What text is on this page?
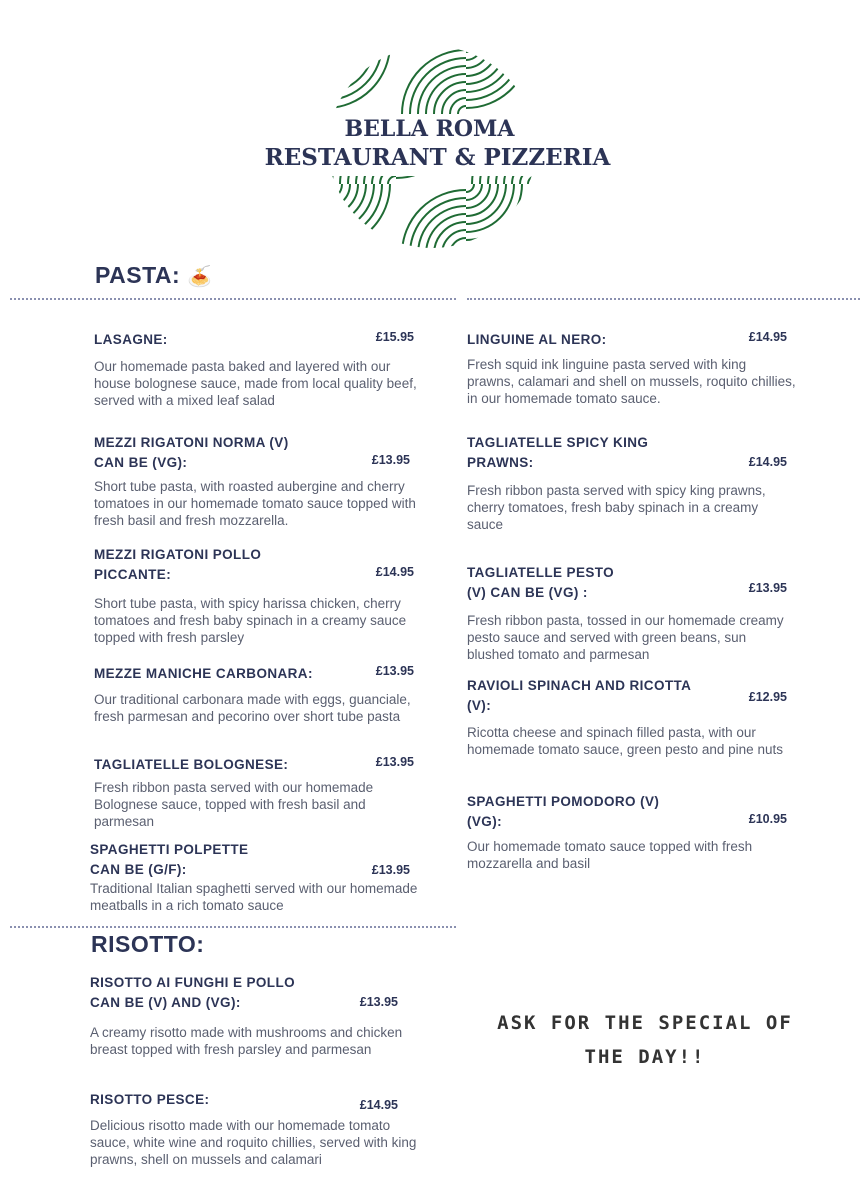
BELLA ROMA
RESTAURANT & PIZZERIA
PASTA: 🍝
LASAGNE:	£15.95
Our homemade pasta baked and layered with our house bolognese sauce, made from local quality beef, served with a mixed leaf salad
MEZZI RIGATONI NORMA (V)
CAN BE (VG):	£13.95
Short tube pasta, with roasted aubergine and cherry tomatoes in our homemade tomato sauce topped with fresh basil and fresh mozzarella.
MEZZI RIGATONI POLLO
PICCANTE:	£14.95
Short tube pasta, with spicy harissa chicken, cherry tomatoes and fresh baby spinach in a creamy sauce topped with fresh parsley
MEZZE MANICHE CARBONARA:	£13.95
Our traditional carbonara made with eggs, guanciale, fresh parmesan and pecorino over short tube pasta
TAGLIATELLE BOLOGNESE:	£13.95
Fresh ribbon pasta served with our homemade Bolognese sauce, topped with fresh basil and parmesan
SPAGHETTI POLPETTE
CAN BE (G/F):	£13.95
Traditional Italian spaghetti served with our homemade meatballs in a rich tomato sauce
LINGUINE AL NERO:	£14.95
Fresh squid ink linguine pasta served with king prawns, calamari and shell on mussels, roquito chillies, in our homemade tomato sauce.
TAGLIATELLE SPICY KING
PRAWNS:	£14.95
Fresh ribbon pasta served with spicy king prawns, cherry tomatoes, fresh baby spinach in a creamy sauce
TAGLIATELLE PESTO
(V) CAN BE (VG) :	£13.95
Fresh ribbon pasta, tossed in our homemade creamy pesto sauce and served with green beans, sun blushed tomato and parmesan
RAVIOLI SPINACH AND RICOTTA
(V):
£12.95
Ricotta cheese and spinach filled pasta, with our homemade tomato sauce, green pesto and pine nuts
SPAGHETTI POMODORO (V)
(VG):	£10.95
Our homemade tomato sauce topped with fresh mozzarella and basil
RISOTTO:
RISOTTO AI FUNGHI E POLLO
CAN BE (V) AND (VG):	£13.95
A creamy risotto made with mushrooms and chicken breast topped with fresh parsley and parmesan
RISOTTO PESCE:	£14.95
Delicious risotto made with our homemade tomato sauce, white wine and roquito chillies, served with king prawns, shell on mussels and calamari
ASK FOR THE SPECIAL OF
THE DAY!!
